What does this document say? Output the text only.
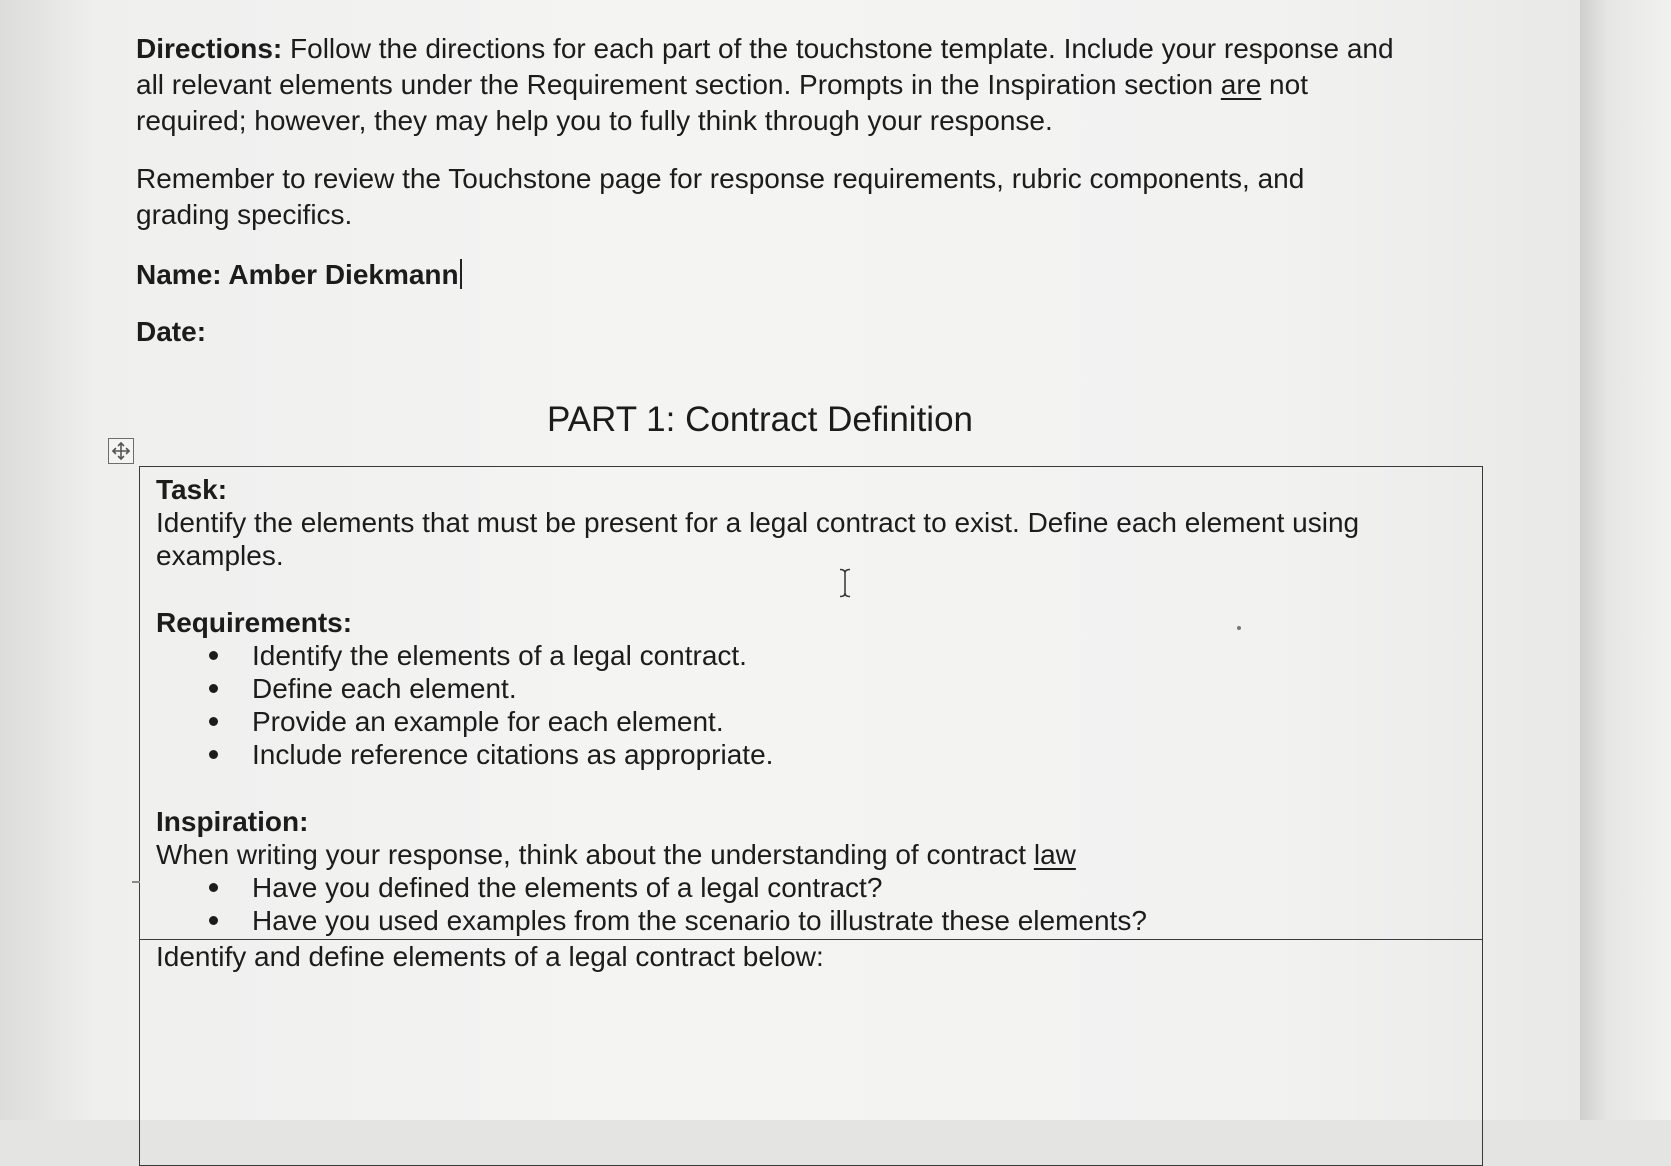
Directions: Follow the directions for each part of the touchstone template. Include your response and all relevant elements under the Requirement section. Prompts in the Inspiration section are not required; however, they may help you to fully think through your response.

Remember to review the Touchstone page for response requirements, rubric components, and grading specifics.

Name: Amber Diekmann

Date:

PART 1: Contract Definition

Task:

Identify the elements that must be present for a legal contract to exist. Define each element using examples.

Requirements:

Identify the elements of a legal contract.
Define each element.
Provide an example for each element.
Include reference citations as appropriate.

Inspiration:

When writing your response, think about the understanding of contract law

Have you defined the elements of a legal contract?
Have you used examples from the scenario to illustrate these elements?

Identify and define elements of a legal contract below:
